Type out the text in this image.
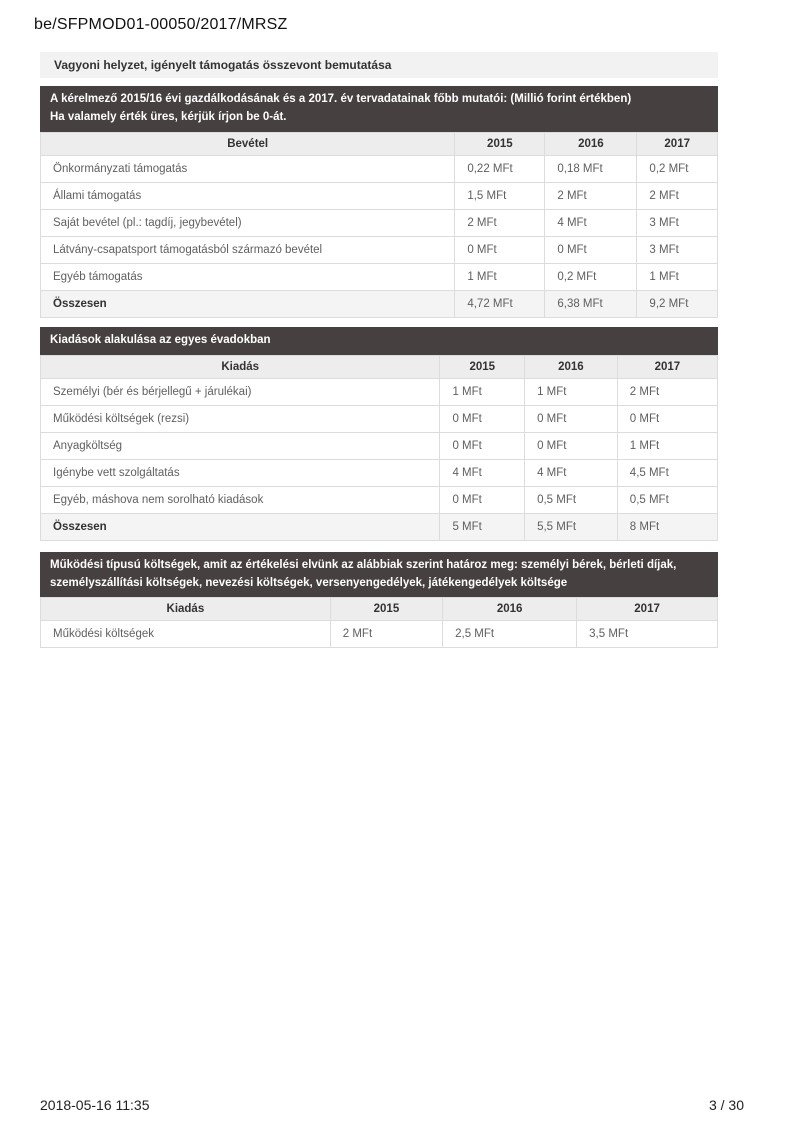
be/SFPMOD01-00050/2017/MRSZ
Vagyoni helyzet, igényelt támogatás összevont bemutatása
A kérelmező 2015/16 évi gazdálkodásának és a 2017. év tervadatainak főbb mutatói: (Millió forint értékben)
Ha valamely érték üres, kérjük írjon be 0-át.
Bevétel	2015	2016	2017
Önkormányzati támogatás	0,22 MFt	0,18 MFt	0,2 MFt
Állami támogatás	1,5 MFt	2 MFt	2 MFt
Saját bevétel (pl.: tagdíj, jegybevétel)	2 MFt	4 MFt	3 MFt
Látvány-csapatsport támogatásból származó bevétel	0 MFt	0 MFt	3 MFt
Egyéb támogatás	1 MFt	0,2 MFt	1 MFt
Összesen	4,72 MFt	6,38 MFt	9,2 MFt
Kiadások alakulása az egyes évadokban
Kiadás	2015	2016	2017
Személyi (bér és bérjellegű + járulékai)	1 MFt	1 MFt	2 MFt
Működési költségek (rezsi)	0 MFt	0 MFt	0 MFt
Anyagköltség	0 MFt	0 MFt	1 MFt
Igénybe vett szolgáltatás	4 MFt	4 MFt	4,5 MFt
Egyéb, máshova nem sorolható kiadások	0 MFt	0,5 MFt	0,5 MFt
Összesen	5 MFt	5,5 MFt	8 MFt
Működési típusú költségek, amit az értékelési elvünk az alábbiak szerint határoz meg: személyi bérek, bérleti díjak, személyszállítási költségek, nevezési költségek, versenyengedélyek, játékengedélyek költsége
Kiadás	2015	2016	2017
Működési költségek	2 MFt	2,5 MFt	3,5 MFt
2018-05-16 11:35	3 / 30
